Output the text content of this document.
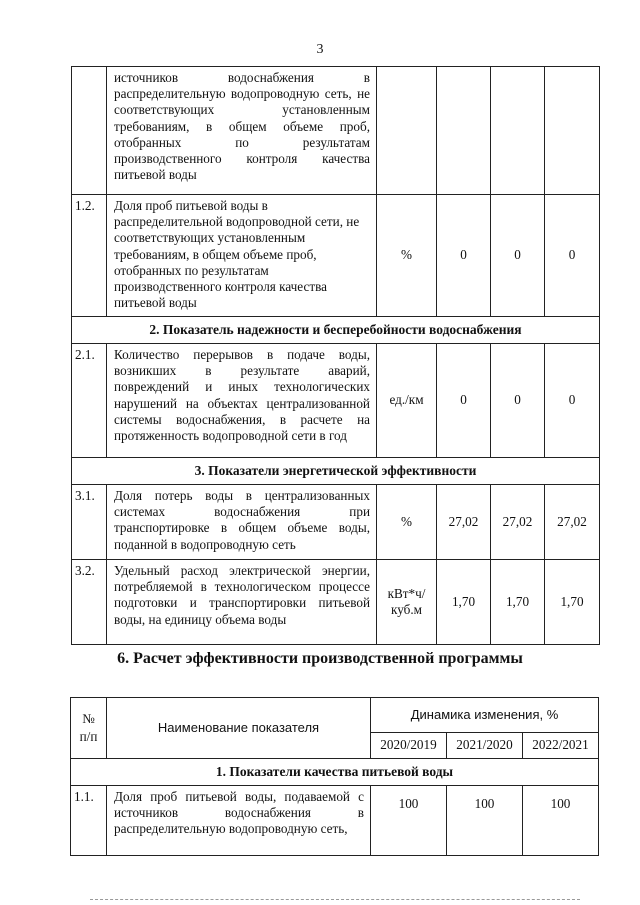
3
	источников водоснабжения в распределительную водопроводную сеть, не соответствующих установленным требованиям, в общем объеме проб, отобранных по результатам производственного контроля качества питьевой воды				
1.2.	Доля проб питьевой воды в распределительной водопроводной сети, не соответствующих установленным требованиям, в общем объеме проб, отобранных по результатам производственного контроля качества питьевой воды	%	0	0	0
2. Показатель надежности и бесперебойности водоснабжения					
2.1.	Количество перерывов в подаче воды, возникших в результате аварий, повреждений и иных технологических нарушений на объектах централизованной системы водоснабжения, в расчете на протяженность водопроводной сети в год	ед./км	0	0	0
3. Показатели энергетической эффективности					
3.1.	Доля потерь воды в централизованных системах водоснабжения при транспортировке в общем объеме воды, поданной в водопроводную сеть	%	27,02	27,02	27,02
3.2.	Удельный расход электрической энергии, потребляемой в технологическом процессе подготовки и транспортировки питьевой воды, на единицу объема воды	кВт*ч/ куб.м	1,70	1,70	1,70
6. Расчет эффективности производственной программы
№ п/п	Наименование показателя	Динамика изменения, %		
		2020/2019	2021/2020	2022/2021
1. Показатели качества питьевой воды				
1.1.	Доля проб питьевой воды, подаваемой с источников водоснабжения в распределительную водопроводную сеть,	100	100	100
